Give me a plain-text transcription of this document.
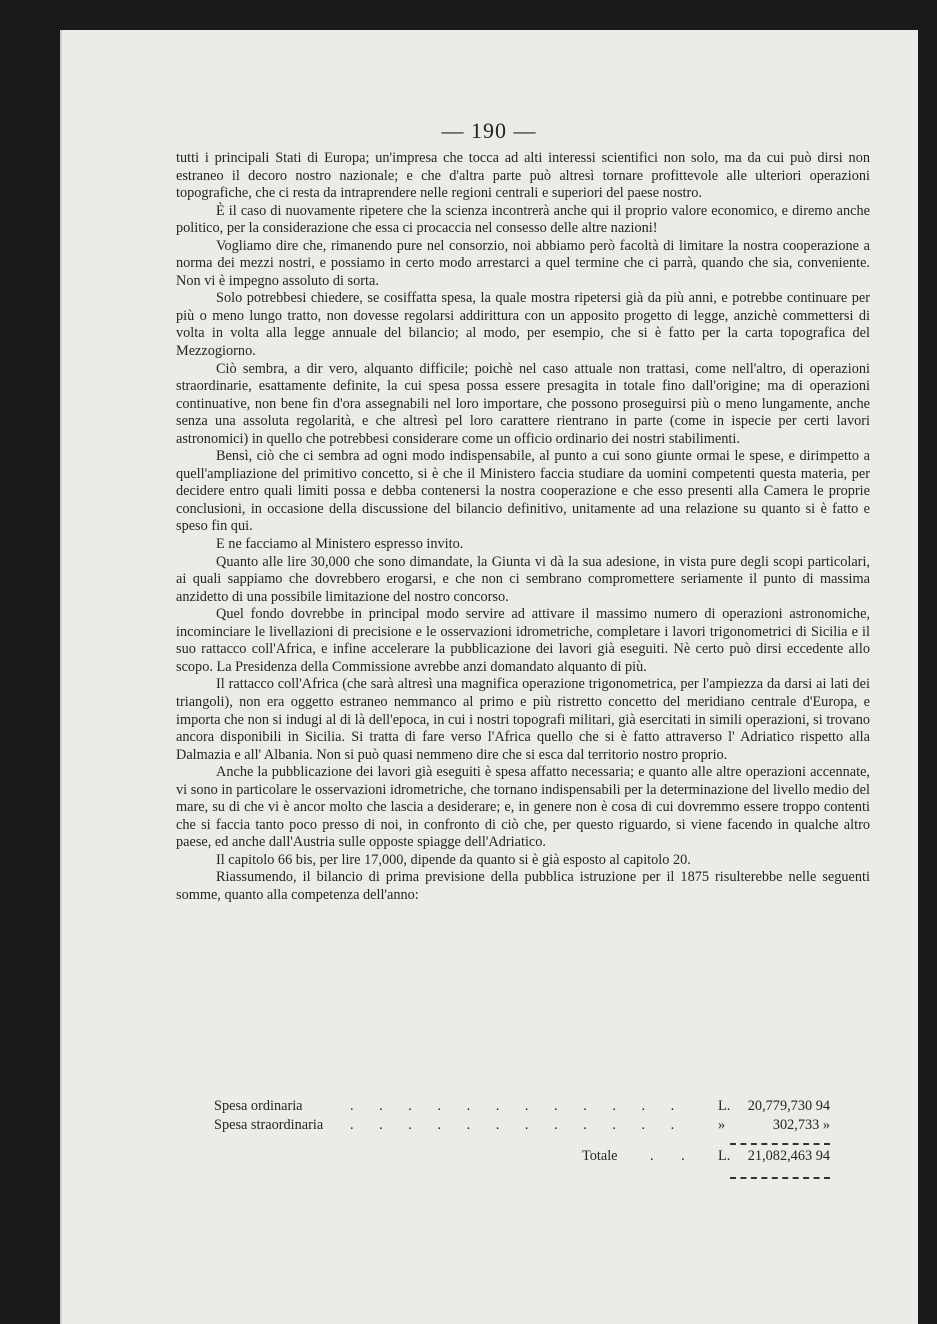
— 190 —

tutti i principali Stati di Europa; un'impresa che tocca ad alti interessi scientifici non solo, ma da cui può dirsi non estraneo il decoro nostro nazionale; e che d'altra parte può altresì tornare profittevole alle ulteriori operazioni topografiche, che ci resta da intraprendere nelle regioni centrali e superiori del paese nostro.

È il caso di nuovamente ripetere che la scienza incontrerà anche qui il proprio valore economico, e diremo anche politico, per la considerazione che essa ci procaccia nel consesso delle altre nazioni!

Vogliamo dire che, rimanendo pure nel consorzio, noi abbiamo però facoltà di limitare la nostra cooperazione a norma dei mezzi nostri, e possiamo in certo modo arrestarci a quel termine che ci parrà, quando che sia, conveniente. Non vi è impegno assoluto di sorta.

Solo potrebbesi chiedere, se cosiffatta spesa, la quale mostra ripetersi già da più anni, e potrebbe continuare per più o meno lungo tratto, non dovesse regolarsi addirittura con un apposito progetto di legge, anzichè commettersi di volta in volta alla legge annuale del bilancio; al modo, per esempio, che si è fatto per la carta topografica del Mezzogiorno.

Ciò sembra, a dir vero, alquanto difficile; poichè nel caso attuale non trattasi, come nell'altro, di operazioni straordinarie, esattamente definite, la cui spesa possa essere presagita in totale fino dall'origine; ma di operazioni continuative, non bene fin d'ora assegnabili nel loro importare, che possono proseguirsi più o meno lungamente, anche senza una assoluta regolarità, e che altresì pel loro carattere rientrano in parte (come in ispecie per certi lavori astronomici) in quello che potrebbesi considerare come un officio ordinario dei nostri stabilimenti.

Bensì, ciò che ci sembra ad ogni modo indispensabile, al punto a cui sono giunte ormai le spese, e dirimpetto a quell'ampliazione del primitivo concetto, si è che il Ministero faccia studiare da uomini competenti questa materia, per decidere entro quali limiti possa e debba contenersi la nostra cooperazione e che esso presenti alla Camera le proprie conclusioni, in occasione della discussione del bilancio definitivo, unitamente ad una relazione su quanto si è fatto e speso fin qui.

E ne facciamo al Ministero espresso invito.

Quanto alle lire 30,000 che sono dimandate, la Giunta vi dà la sua adesione, in vista pure degli scopi particolari, ai quali sappiamo che dovrebbero erogarsi, e che non ci sembrano compromettere seriamente il punto di massima anzidetto di una possibile limitazione del nostro concorso.

Quel fondo dovrebbe in principal modo servire ad attivare il massimo numero di operazioni astronomiche, incominciare le livellazioni di precisione e le osservazioni idrometriche, completare i lavori trigonometrici di Sicilia e il suo rattacco coll'Africa, e infine accelerare la pubblicazione dei lavori già eseguiti. Nè certo può dirsi eccedente allo scopo. La Presidenza della Commissione avrebbe anzi domandato alquanto di più.

Il rattacco coll'Africa (che sarà altresì una magnifica operazione trigonometrica, per l'ampiezza da darsi ai lati dei triangoli), non era oggetto estraneo nemmanco al primo e più ristretto concetto del meridiano centrale d'Europa, e importa che non si indugi al di là dell'epoca, in cui i nostri topografi militari, già esercitati in simili operazioni, si trovano ancora disponibili in Sicilia. Si tratta di fare verso l'Africa quello che si è fatto attraverso l' Adriatico rispetto alla Dalmazia e all' Albania. Non si può quasi nemmeno dire che si esca dal territorio nostro proprio.

Anche la pubblicazione dei lavori già eseguiti è spesa affatto necessaria; e quanto alle altre operazioni accennate, vi sono in particolare le osservazioni idrometriche, che tornano indispensabili per la determinazione del livello medio del mare, su di che vi è ancor molto che lascia a desiderare; e, in genere non è cosa di cui dovremmo essere troppo contenti che si faccia tanto poco presso di noi, in confronto di ciò che, per questo riguardo, si viene facendo in qualche altro paese, ed anche dall'Austria sulle opposte spiagge dell'Adriatico.

Il capitolo 66 bis, per lire 17,000, dipende da quanto si è già esposto al capitolo 20.

Riassumendo, il bilancio di prima previsione della pubblica istruzione per il 1875 risulterebbe nelle seguenti somme, quanto alla competenza dell'anno:

Spesa ordinaria	. . . . . . . . . . . . L. 20,779,730 94
Spesa straordinaria . . . . . . . . . . . . »	302,733 »
Totale . . L. 21,082,463 94
